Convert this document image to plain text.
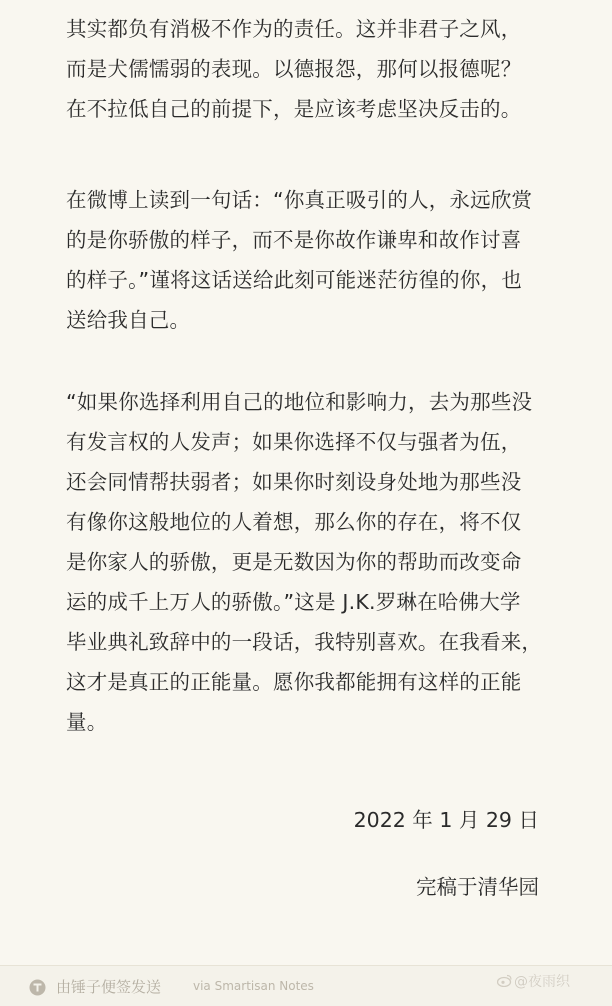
其实都负有消极不作为的责任。这并非君子之风，
而是犬儒懦弱的表现。以德报怨，那何以报德呢？
在不拉低自己的前提下，是应该考虑坚决反击的。
在微博上读到一句话：“你真正吸引的人，永远欣赏
的是你骄傲的样子，而不是你故作谦卑和故作讨喜
的样子。”谨将这话送给此刻可能迷茫彷徨的你，也
送给我自己。
“如果你选择利用自己的地位和影响力，去为那些没
有发言权的人发声；如果你选择不仅与强者为伍，
还会同情帮扶弱者；如果你时刻设身处地为那些没
有像你这般地位的人着想，那么你的存在，将不仅
是你家人的骄傲，更是无数因为你的帮助而改变命
运的成千上万人的骄傲。”这是 J.K.罗琳在哈佛大学
毕业典礼致辞中的一段话，我特别喜欢。在我看来，
这才是真正的正能量。愿你我都能拥有这样的正能
量。
2022 年 1 月 29 日
完稿于清华园
由锤子便签发送	via Smartisan Notes	@夜雨织
